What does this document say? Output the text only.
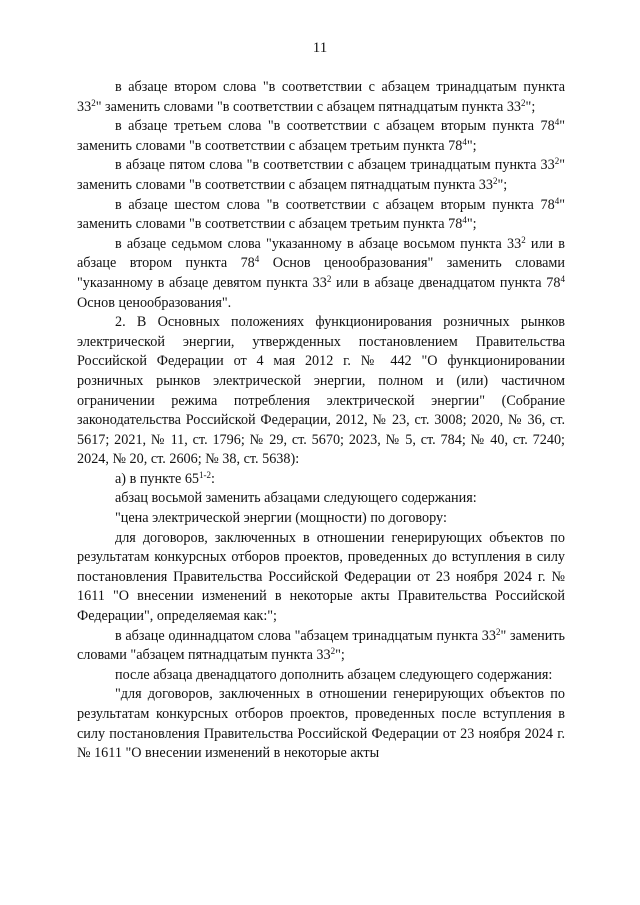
11

в абзаце втором слова "в соответствии с абзацем тринадцатым пункта $33^2$" заменить словами "в соответствии с абзацем пятнадцатым пункта $33^2$";

в абзаце третьем слова "в соответствии с абзацем вторым пункта $78^4$" заменить словами "в соответствии с абзацем третьим пункта $78^4$";

в абзаце пятом слова "в соответствии с абзацем тринадцатым пункта $33^2$" заменить словами "в соответствии с абзацем пятнадцатым пункта $33^2$";

в абзаце шестом слова "в соответствии с абзацем вторым пункта $78^4$" заменить словами "в соответствии с абзацем третьим пункта $78^4$";

в абзаце седьмом слова "указанному в абзаце восьмом пункта $33^2$ или в абзаце втором пункта $78^4$ Основ ценообразования" заменить словами "указанному в абзаце девятом пункта $33^2$ или в абзаце двенадцатом пункта $78^4$ Основ ценообразования".

2. В Основных положениях функционирования розничных рынков электрической энергии, утвержденных постановлением Правительства Российской Федерации от 4 мая 2012 г. № 442 "О функционировании розничных рынков электрической энергии, полном и (или) частичном ограничении режима потребления электрической энергии" (Собрание законодательства Российской Федерации, 2012, № 23, ст. 3008; 2020, № 36, ст. 5617; 2021, № 11, ст. 1796; № 29, ст. 5670; 2023, № 5, ст. 784; № 40, ст. 7240; 2024, № 20, ст. 2606; № 38, ст. 5638):

а) в пункте 65$^{1-2}$:

абзац восьмой заменить абзацами следующего содержания:

"цена электрической энергии (мощности) по договору:

для договоров, заключенных в отношении генерирующих объектов по результатам конкурсных отборов проектов, проведенных до вступления в силу постановления Правительства Российской Федерации от 23 ноября 2024 г. № 1611 "О внесении изменений в некоторые акты Правительства Российской Федерации", определяемая как:";

в абзаце одиннадцатом слова "абзацем тринадцатым пункта $33^2$" заменить словами "абзацем пятнадцатым пункта $33^2$";

после абзаца двенадцатого дополнить абзацем следующего содержания:

"для договоров, заключенных в отношении генерирующих объектов по результатам конкурсных отборов проектов, проведенных после вступления в силу постановления Правительства Российской Федерации от 23 ноября 2024 г. № 1611 "О внесении изменений в некоторые акты
